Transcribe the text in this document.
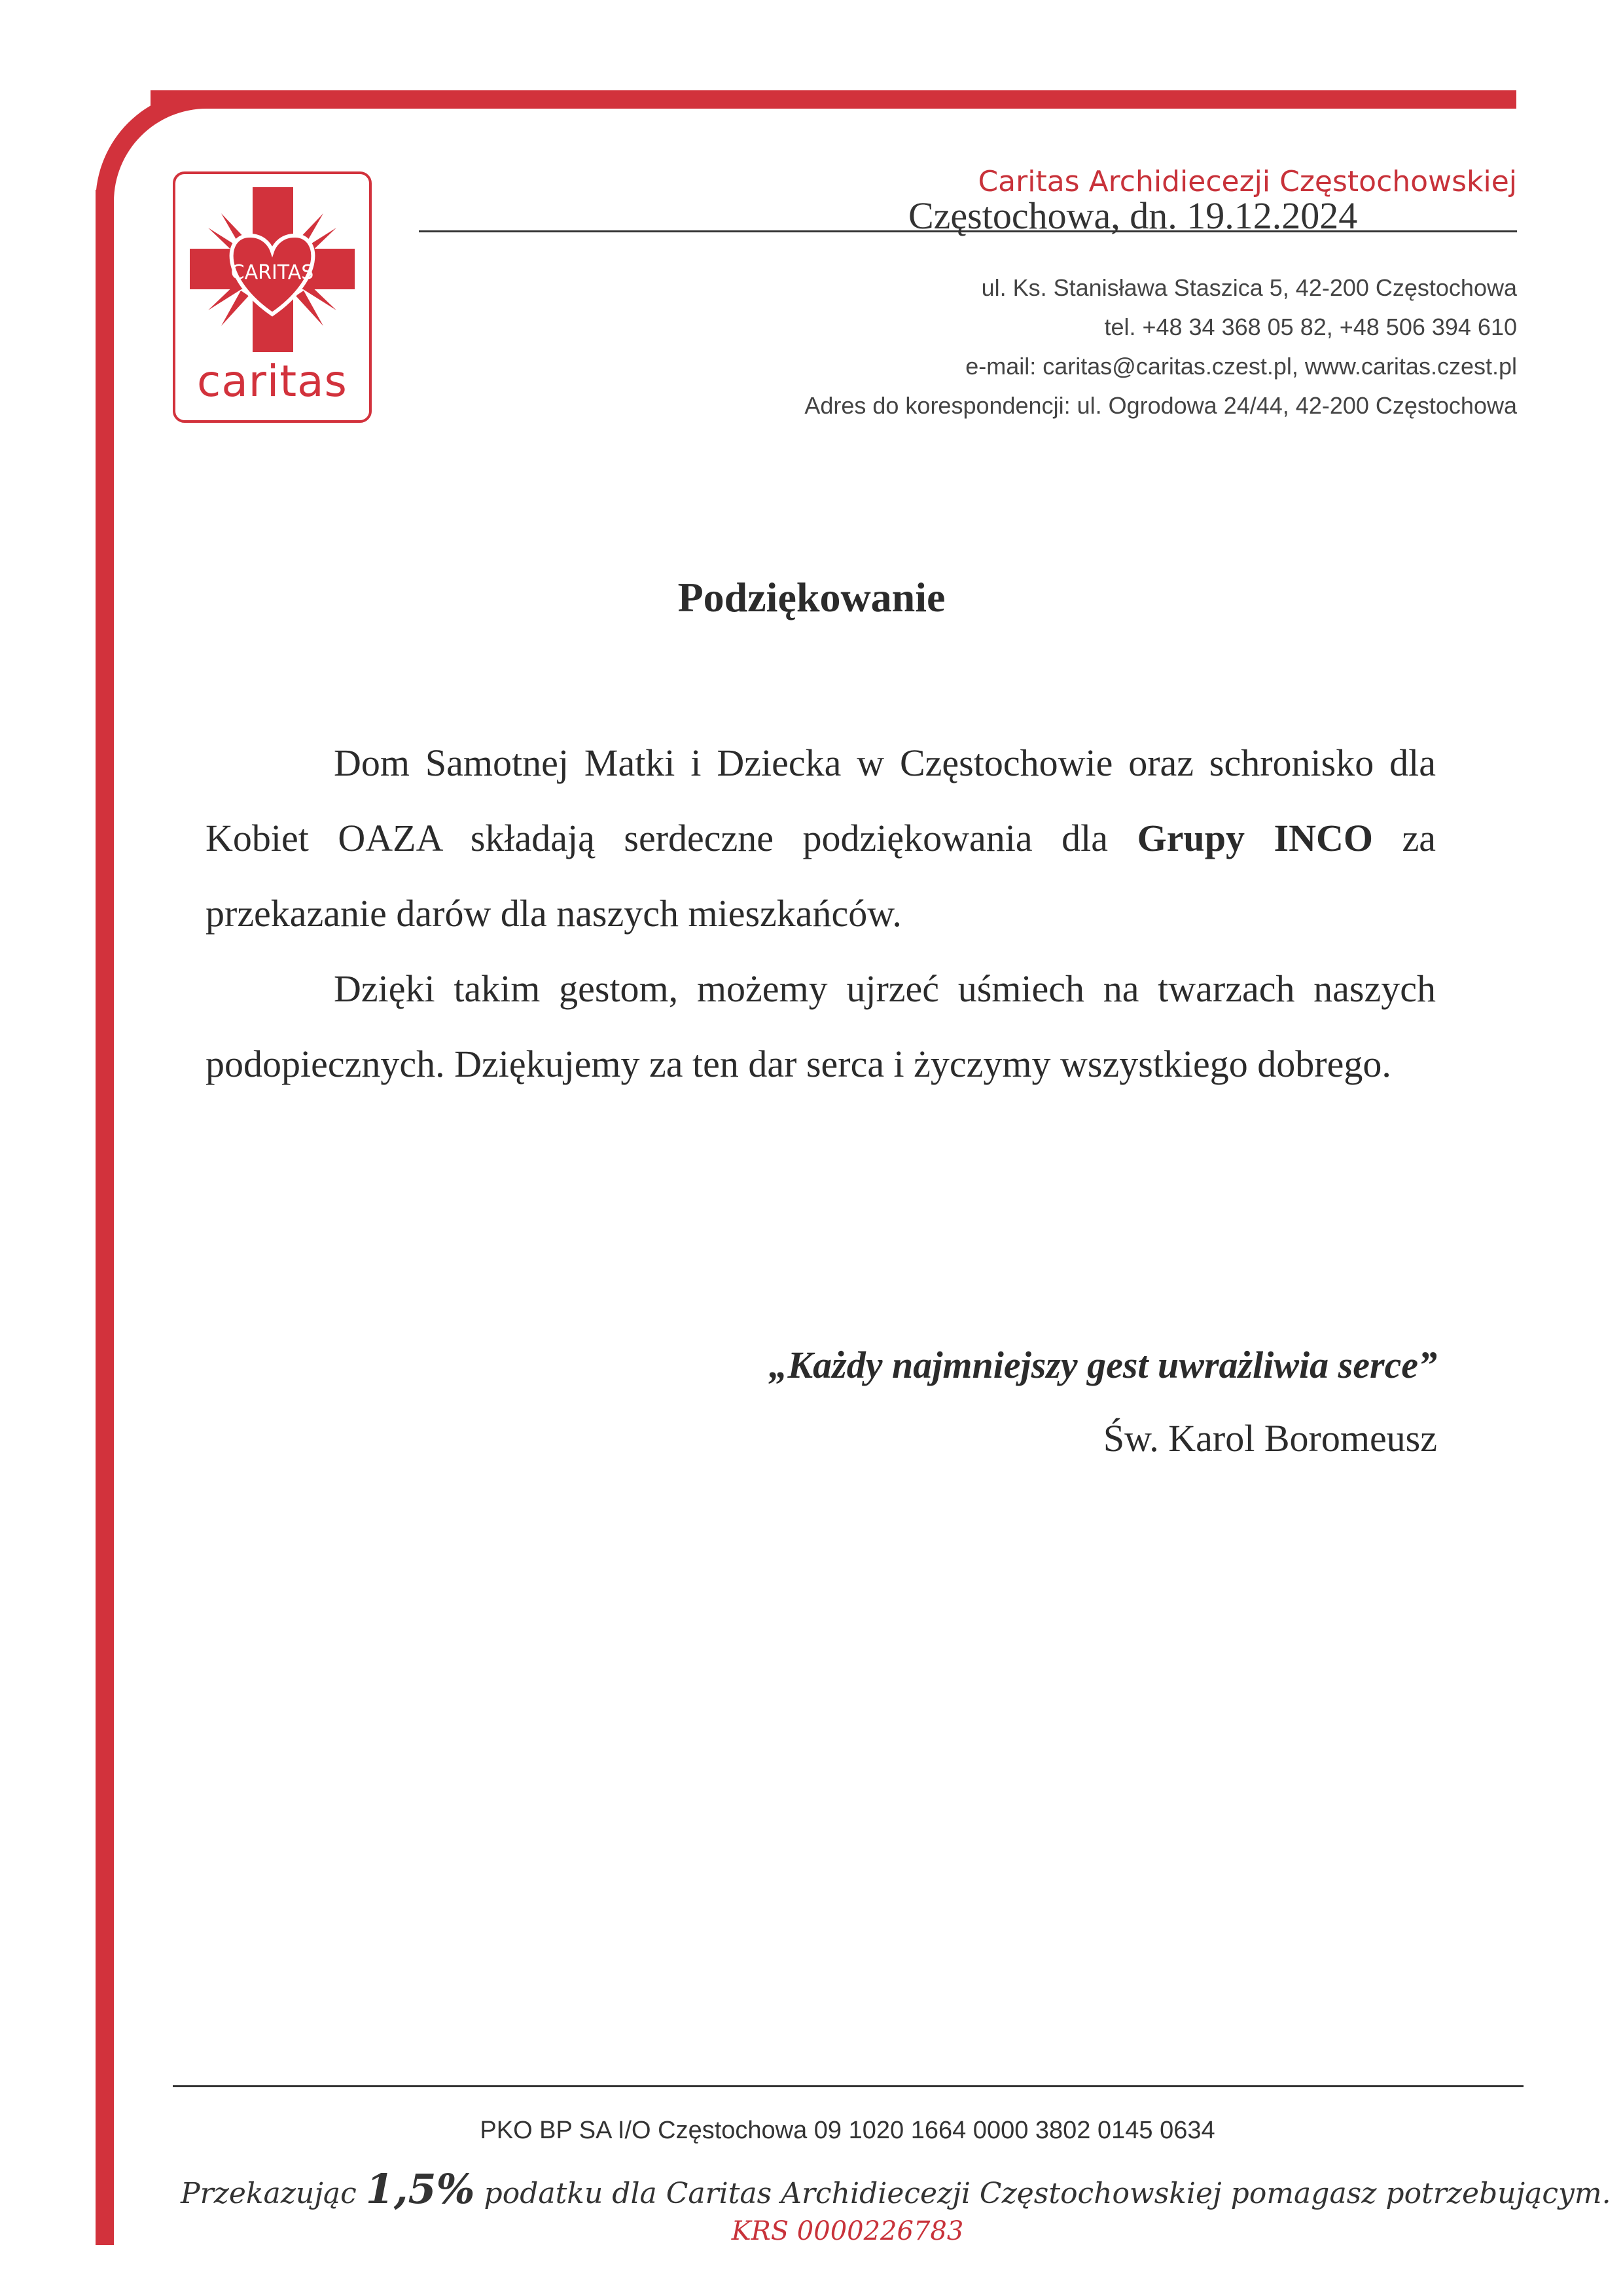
CARITAS
caritas
Caritas Archidiecezji Częstochowskiej
Częstochowa, dn. 19.12.2024
ul. Ks. Stanisława Staszica 5, 42-200 Częstochowa
tel. +48 34 368 05 82, +48 506 394 610
e-mail: caritas@caritas.czest.pl, www.caritas.czest.pl
Adres do korespondencji: ul. Ogrodowa 24/44, 42-200 Częstochowa
Podziękowanie

Dom Samotnej Matki i Dziecka w Częstochowie oraz schronisko dla Kobiet OAZA składają serdeczne podziękowania dla Grupy INCO za przekazanie darów dla naszych mieszkańców.

Dzięki takim gestom, możemy ujrzeć uśmiech na twarzach naszych podopiecznych. Dziękujemy za ten dar serca i życzymy wszystkiego dobrego.

„Każdy najmniejszy gest uwrażliwia serce”
Św. Karol Boromeusz
PKO BP SA I/O Częstochowa 09 1020 1664 0000 3802 0145 0634
Przekazując 1,5% podatku dla Caritas Archidiecezji Częstochowskiej pomagasz potrzebującym.
KRS 0000226783
